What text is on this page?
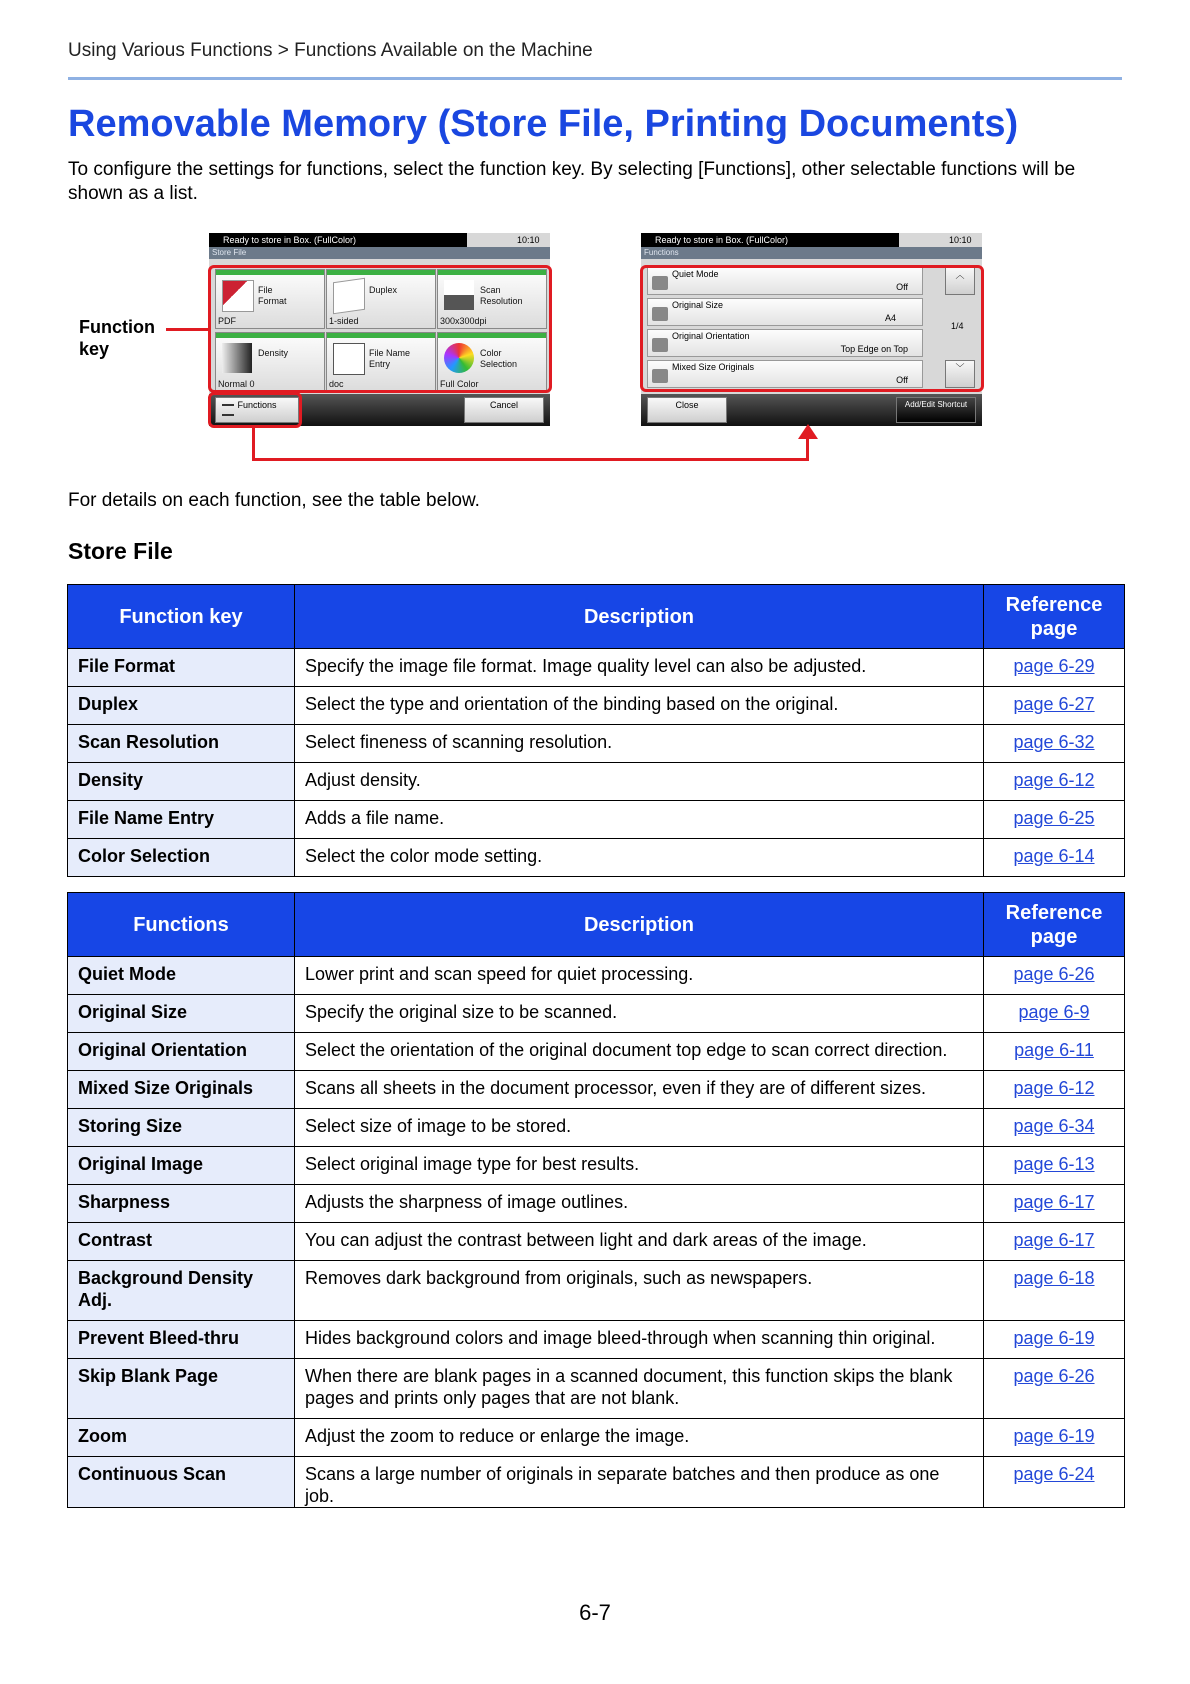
Using Various Functions > Functions Available on the Machine
Removable Memory (Store File, Printing Documents)
To configure the settings for functions, select the function key. By selecting [Functions], other selectable functions will be shown as a list.
Function key
Ready to store in Box. (FullColor)	10:10
Store File
File Format
PDF
Duplex
1-sided
Scan Resolution
300x300dpi
Density
Normal 0
File Name Entry
doc
Color Selection
Full Color
Functions	Cancel
Ready to store in Box. (FullColor)	10:10
Functions
Quiet Mode
Off
Original Size
A4
Original Orientation
Top Edge on Top
Mixed Size Originals
Off
︿
1/4
﹀
Close	Add/Edit Shortcut
For details on each function, see the table below.
Store File
Function key	Description	Reference page
File Format	Specify the image file format. Image quality level can also be adjusted.	page 6-29
Duplex	Select the type and orientation of the binding based on the original.	page 6-27
Scan Resolution	Select fineness of scanning resolution.	page 6-32
Density	Adjust density.	page 6-12
File Name Entry	Adds a file name.	page 6-25
Color Selection	Select the color mode setting.	page 6-14
Functions	Description	Reference page
Quiet Mode	Lower print and scan speed for quiet processing.	page 6-26
Original Size	Specify the original size to be scanned.	page 6-9
Original Orientation	Select the orientation of the original document top edge to scan correct direction.	page 6-11
Mixed Size Originals	Scans all sheets in the document processor, even if they are of different sizes.	page 6-12
Storing Size	Select size of image to be stored.	page 6-34
Original Image	Select original image type for best results.	page 6-13
Sharpness	Adjusts the sharpness of image outlines.	page 6-17
Contrast	You can adjust the contrast between light and dark areas of the image.	page 6-17
Background Density Adj.	Removes dark background from originals, such as newspapers.	page 6-18
Prevent Bleed-thru	Hides background colors and image bleed-through when scanning thin original.	page 6-19
Skip Blank Page	When there are blank pages in a scanned document, this function skips the blank pages and prints only pages that are not blank.	page 6-26
Zoom	Adjust the zoom to reduce or enlarge the image.	page 6-19
Continuous Scan	Scans a large number of originals in separate batches and then produce as one job.	page 6-24
6-7
